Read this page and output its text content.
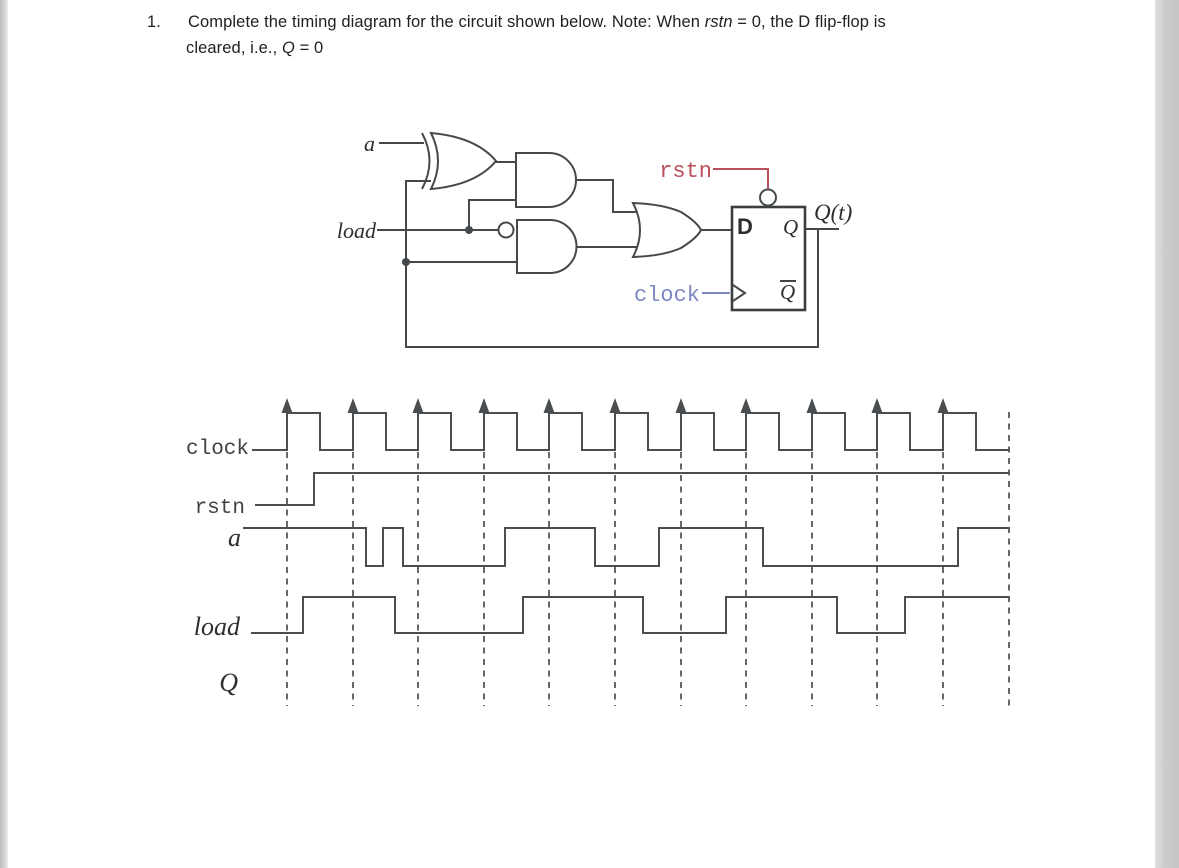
1. Complete the timing diagram for the circuit shown below. Note: When rstn = 0, the D flip-flop is
cleared, i.e., Q = 0
a
load
rstn
clock
D Q
Q
Q(t)
clock
rstn
a
load
Q
